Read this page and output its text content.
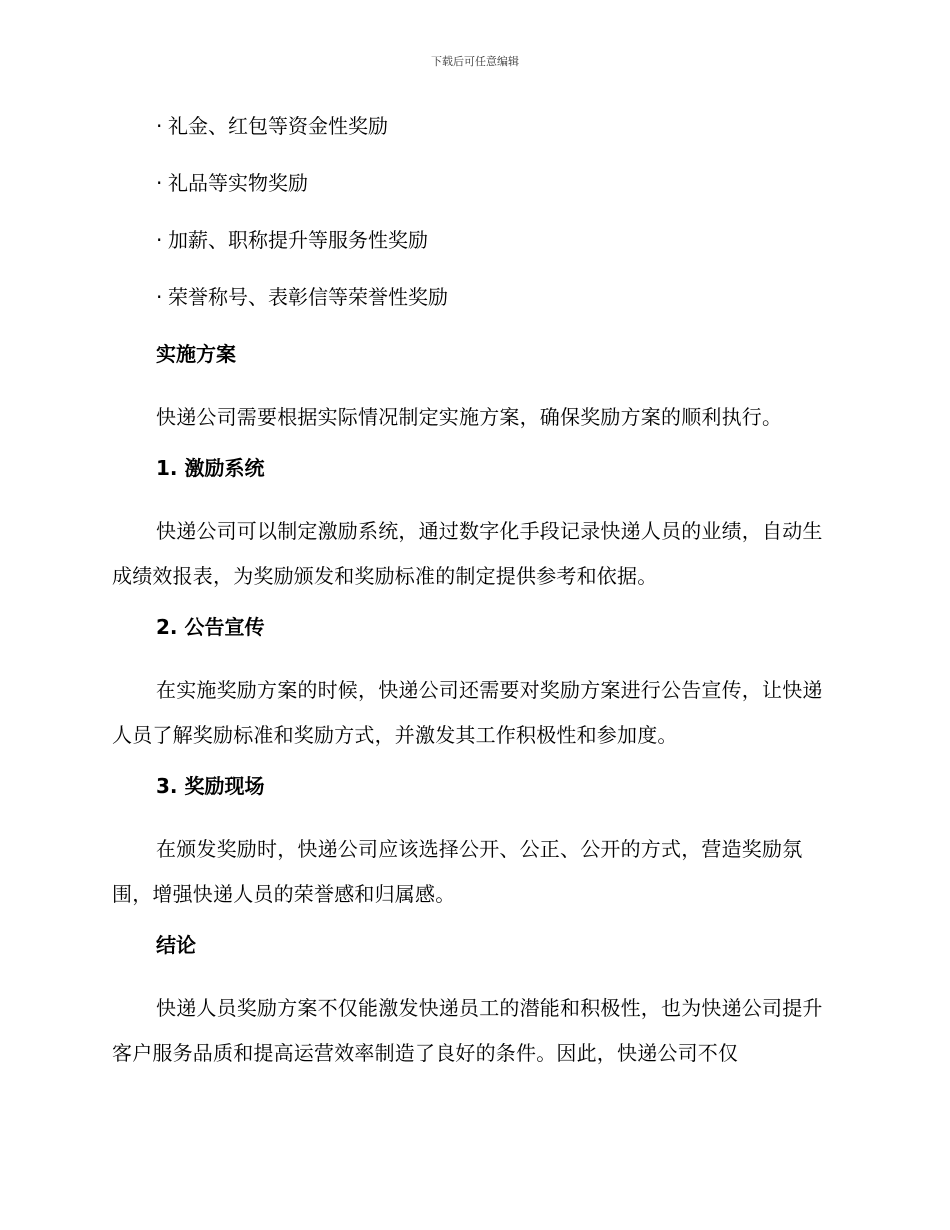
下载后可任意编辑
· 礼金、红包等资金性奖励
· 礼品等实物奖励
· 加薪、职称提升等服务性奖励
· 荣誉称号、表彰信等荣誉性奖励
实施方案

快递公司需要根据实际情况制定实施方案，确保奖励方案的顺利执行。

1. 激励系统

快递公司可以制定激励系统，通过数字化手段记录快递人员的业绩，自动生成绩效报表，为奖励颁发和奖励标准的制定提供参考和依据。

2. 公告宣传

在实施奖励方案的时候，快递公司还需要对奖励方案进行公告宣传，让快递人员了解奖励标准和奖励方式，并激发其工作积极性和参加度。

3. 奖励现场

在颁发奖励时，快递公司应该选择公开、公正、公开的方式，营造奖励氛围，增强快递人员的荣誉感和归属感。

结论

快递人员奖励方案不仅能激发快递员工的潜能和积极性，也为快递公司提升客户服务品质和提高运营效率制造了良好的条件。因此，快递公司不仅
